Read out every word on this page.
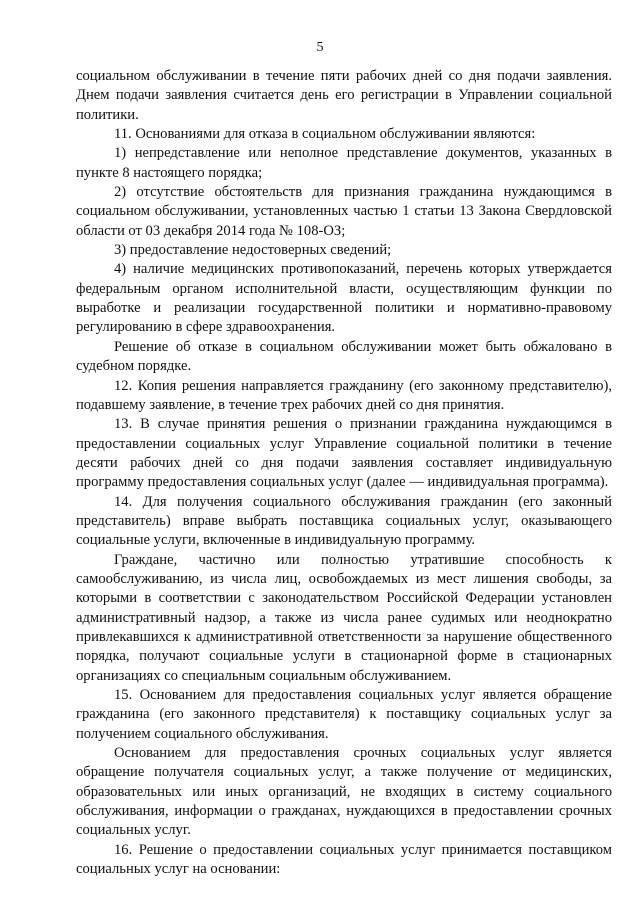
5

социальном обслуживании в течение пяти рабочих дней со дня подачи заявления. Днем подачи заявления считается день его регистрации в Управлении социальной политики.

11. Основаниями для отказа в социальном обслуживании являются:

1) непредставление или неполное представление документов, указанных в пункте 8 настоящего порядка;

2) отсутствие обстоятельств для признания гражданина нуждающимся в социальном обслуживании, установленных частью 1 статьи 13 Закона Свердловской области от 03 декабря 2014 года № 108-ОЗ;

3) предоставление недостоверных сведений;

4) наличие медицинских противопоказаний, перечень которых утверждается федеральным органом исполнительной власти, осуществляющим функции по выработке и реализации государственной политики и нормативно-правовому регулированию в сфере здравоохранения.

Решение об отказе в социальном обслуживании может быть обжаловано в судебном порядке.

12. Копия решения направляется гражданину (его законному представителю), подавшему заявление, в течение трех рабочих дней со дня принятия.

13. В случае принятия решения о признании гражданина нуждающимся в предоставлении социальных услуг Управление социальной политики в течение десяти рабочих дней со дня подачи заявления составляет индивидуальную программу предоставления социальных услуг (далее — индивидуальная программа).

14. Для получения социального обслуживания гражданин (его законный представитель) вправе выбрать поставщика социальных услуг, оказывающего социальные услуги, включенные в индивидуальную программу.

Граждане, частично или полностью утратившие способность к самообслуживанию, из числа лиц, освобождаемых из мест лишения свободы, за которыми в соответствии с законодательством Российской Федерации установлен административный надзор, а также из числа ранее судимых или неоднократно привлекавшихся к административной ответственности за нарушение общественного порядка, получают социальные услуги в стационарной форме в стационарных организациях со специальным социальным обслуживанием.

15. Основанием для предоставления социальных услуг является обращение гражданина (его законного представителя) к поставщику социальных услуг за получением социального обслуживания.

Основанием для предоставления срочных социальных услуг является обращение получателя социальных услуг, а также получение от медицинских, образовательных или иных организаций, не входящих в систему социального обслуживания, информации о гражданах, нуждающихся в предоставлении срочных социальных услуг.

16. Решение о предоставлении социальных услуг принимается поставщиком социальных услуг на основании:
